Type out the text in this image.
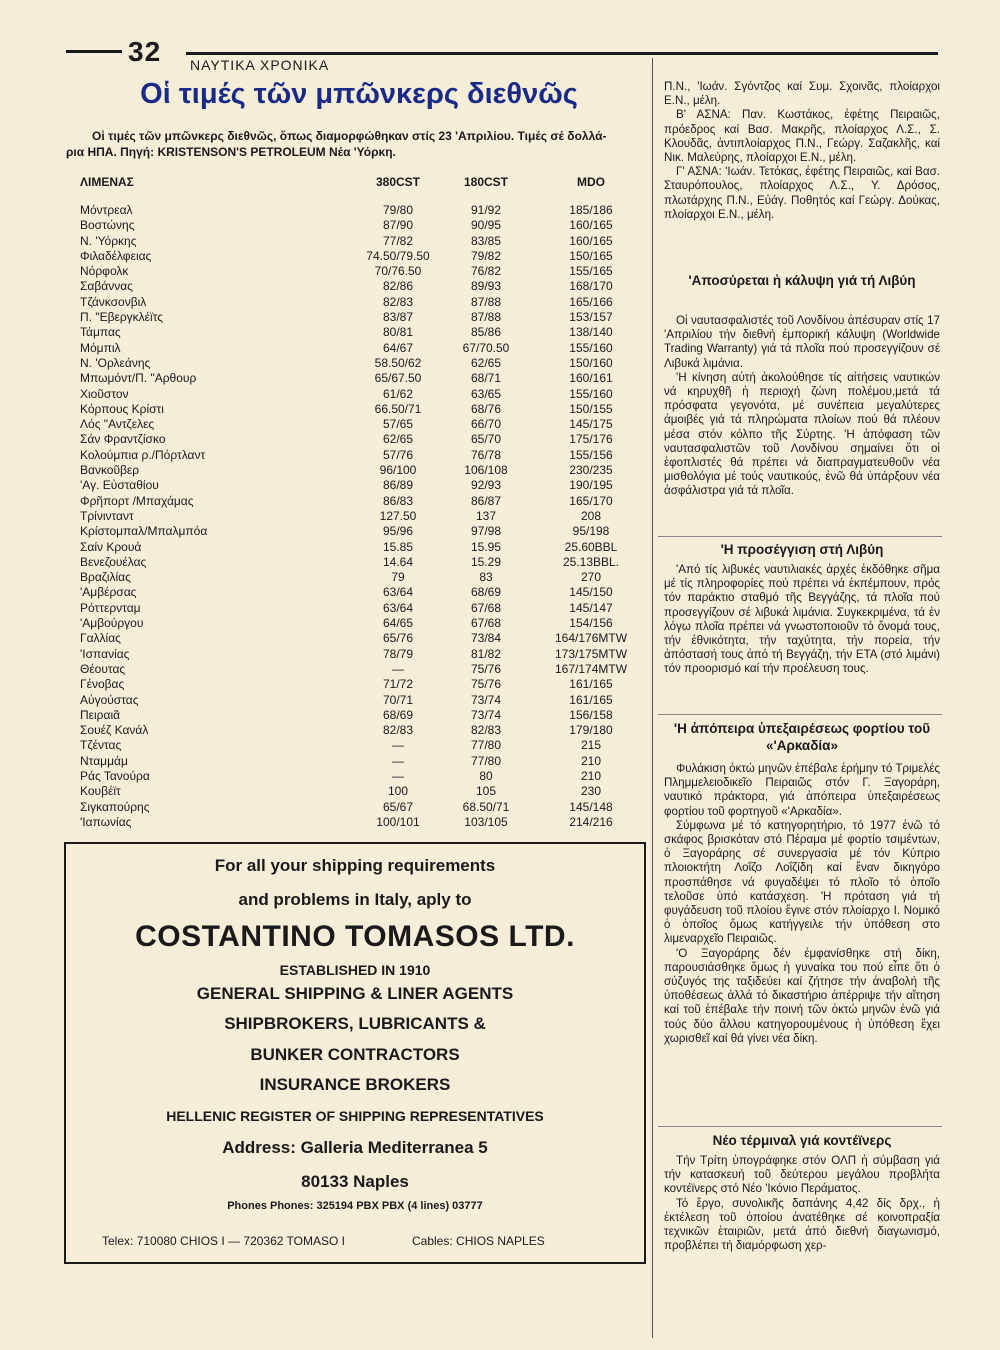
32 ΝΑΥΤΙΚΑ ΧΡΟΝΙΚΑ
Οἱ τιμές τῶν μπῶνκερς διεθνῶς
Οἱ τιμές τῶν μπῶνκερς διεθνῶς, ὅπως διαμορφώθηκαν στίς 23 'Απριλίου. Τιμές σέ δολλά-
ρια ΗΠΑ. Πηγή: KRISTENSON'S PETROLEUM Νέα 'Υόρκη.
ΛΙΜΕΝΑΣ	380CST	180CST	MDO
Μόντρεαλ	79/80	91/92	185/186
Βοστώνης	87/90	90/95	160/165
Ν. 'Υόρκης	77/82	83/85	160/165
Φιλαδέλφειας	74.50/79.50	79/82	150/165
Νόρφολκ	70/76.50	76/82	155/165
Σαβάννας	82/86	89/93	168/170
Τζάνκσονβιλ	82/83	87/88	165/166
Π. "Εβεργκλέϊτς	83/87	87/88	153/157
Τάμπας	80/81	85/86	138/140
Μόμπιλ	64/67	67/70.50	155/160
Ν. 'Ορλεάνης	58.50/62	62/65	150/160
Μπωμόντ/Π. "Αρθουρ	65/67.50	68/71	160/161
Χιοῦστον	61/62	63/65	155/160
Κόρπους Κρίστι	66.50/71	68/76	150/155
Λός "Αντζελες	57/65	66/70	145/175
Σάν Φραντζίσκο	62/65	65/70	175/176
Κολούμπια ρ./Πόρτλαντ	57/76	76/78	155/156
Βανκοῦβερ	96/100	106/108	230/235
'Αγ. Εὐσταθίου	86/89	92/93	190/195
Φρῆπορτ /Μπαχάμας	86/83	86/87	165/170
Τρίνινταντ	127.50	137	208
Κρίστομπαλ/Μπαλμπόα	95/96	97/98	95/198
Σαίν Κρουά	15.85	15.95	25.60BBL
Βενεζουέλας	14.64	15.29	25.13BBL.
Βραζιλίας	79	83	270
'Αμβέρσας	63/64	68/69	145/150
Ρόττερνταμ	63/64	67/68	145/147
'Αμβούργου	64/65	67/68	154/156
Γαλλίας	65/76	73/84	164/176MTW
'Ισπανίας	78/79	81/82	173/175MTW
Θέουτας	—	75/76	167/174MTW
Γένοβας	71/72	75/76	161/165
Αὐγούστας	70/71	73/74	161/165
Πειραιᾶ	68/69	73/74	156/158
Σουέζ Κανάλ	82/83	82/83	179/180
Τζέντας	—	77/80	215
Νταμμάμ	—	77/80	210
Ράς Τανούρα	—	80	210
Κουβέϊτ	100	105	230
Σιγκαπούρης	65/67	68.50/71	145/148
'Ιαπωνίας	100/101	103/105	214/216
For all your shipping requirements
and problems in Italy, aply to
COSTANTINO TOMASOS LTD.
ESTABLISHED IN 1910
GENERAL SHIPPING & LINER AGENTS
SHIPBROKERS, LUBRICANTS &
BUNKER CONTRACTORS
INSURANCE BROKERS
HELLENIC REGISTER OF SHIPPING REPRESENTATIVES
Address: Galleria Mediterranea 5
80133 Naples
Phones Phones: 325194 PBX PBX (4 lines) 03777
Telex: 710080 CHIOS I — 720362 TOMASO I	Cables: CHIOS NAPLES

Π.Ν., 'Ιωάν. Σγόντζος καί Συμ. Σχοινᾶς, πλοίαρχοι Ε.Ν., μέλη.

Β' ΑΣΝΑ: Παν. Κωστάκος, ἐφέτης Πειραιῶς, πρόεδρος καί Βασ. Μακρῆς, πλοίαρχος Λ.Σ., Σ. Κλουδᾶς, ἀντιπλοίαρχος Π.Ν., Γεώργ. Σαζακλῆς, καί Νικ. Μαλεύρης, πλοίαρχοι Ε.Ν., μέλη.

Γ' ΑΣΝΑ: 'Ιωάν. Τετόκας, ἐφέτης Πειραιῶς, καί Βασ. Σταυρόπουλος, πλοίαρχος Λ.Σ., Υ. Δρόσος, πλωτάρχης Π.Ν., Εὐάγ. Ποθητός καί Γεώργ. Δούκας, πλοίαρχοι Ε.Ν., μέλη.

'Αποσύρεται ἡ κάλυψη γιά τή Λιβύη

Οἱ ναυτασφαλιστές τοῦ Λονδίνου ἀπέσυραν στίς 17 'Απριλίου τήν διεθνή ἐμπορική κάλυψη (Worldwide Trading Warranty) γιά τά πλοῖα πού προσεγγίζουν σέ Λιβυκά λιμάνια.

'Η κίνηση αὐτή ἀκολούθησε τίς αἰτήσεις ναυτικών νά κηρυχθῆ ἡ περιοχή ζώνη πολέμου,μετά τά πρόσφατα γεγονότα, μέ συνέπεια μεγαλύτερες ἀμοιβές γιά τά πληρώματα πλοίων πού θά πλέουν μέσα στόν κόλπο τῆς Σύρτης. 'Η ἀπόφαση τῶν ναυτασφαλιστῶν τοῦ Λονδίνου σημαίνει ὅτι οἱ ἐφοπλιστές θά πρέπει νά διαπραγματευθοῦν νέα μισθολόγια μέ τούς ναυτικούς, ἐνῶ θά ὑπάρξουν νέα ἀσφάλιστρα γιά τά πλοῖα.

'Η προσέγγιση στή Λιβύη

'Από τίς λιβυκές ναυτιλιακές ἀρχές ἐκδόθηκε σῆμα μέ τίς πληροφορίες πού πρέπει νά ἐκπέμπουν, πρός τόν παράκτιο σταθμό τῆς Βεγγάζης, τά πλοῖα πού προσεγγίζουν σέ λιβυκά λιμάνια. Συγκεκριμένα, τά ἐν λόγω πλοῖα πρέπει νά γνωστοποιοῦν τό ὄνομά τους, τήν ἐθνικότητα, τήν ταχύτητα, τήν πορεία, τήν ἀπόστασή τους ἀπό τή Βεγγάζη, τήν ΕΤΑ (στό λιμάνι) τόν προορισμό καί τήν προέλευση τους.

'Η ἀπόπειρα ὑπεξαιρέσεως φορτίου τοῦ «'Αρκαδία»

Φυλάκιση ὀκτώ μηνῶν ἐπέβαλε ἐρήμην τό Τριμελές Πλημμελειοδικεῖο Πειραιῶς στόν Γ. Ξαγοράρη, ναυτικό πράκτορα, γιά ἀπόπειρα ὑπεξαιρέσεως φορτίου τοῦ φορτηγοῦ «'Αρκαδία».

Σύμφωνα μέ τό κατηγορητήριο, τό 1977 ἐνῶ τό σκάφος βρισκόταν στό Πέραμα μέ φορτίο τσιμέντων, ὁ Ξαγοράρης σέ συνεργασία μέ τόν Κύπριο πλοιοκτήτη Λοΐζο Λοΐζίδη καί ἕναν δικηγόρο προσπάθησε νά φυγαδέψει τό πλοῖο τό ὁποῖο τελοῦσε ὑπό κατάσχεση. 'Η πρόταση γιά τή φυγάδευση τοῦ πλοίου ἔγινε στόν πλοίαρχο Ι. Νομικό ὁ ὁποῖος ὅμως κατήγγειλε τήν ὑπόθεση στο λιμεναρχεῖο Πειραιῶς.

'Ο Ξαγοράρης δέν ἐμφανίσθηκε στή δίκη, παρουσιάσθηκε ὅμως ἡ γυναίκα του πού εἶπε ὅτι ὁ σύζυγός της ταξιδεύει καί ζήτησε τήν ἀναβολή τῆς ὑποθέσεως ἀλλά τό δικαστήριο ἀπέρριψε τήν αἴτηση καί τοῦ ἐπέβαλε τήν ποινή τῶν ὀκτώ μηνῶν ἐνῶ γιά τούς δύο ἄλλου κατηγορουμένους ἡ ὑπόθεση ἔχει χωρισθεῖ καί θά γίνει νέα δίκη.

Νέο τέρμιναλ γιά κοντέϊνερς

Τήν Τρίτη ὑπογράφηκε στόν ΟΛΠ ἡ σύμβαση γιά τήν κατασκευή τοῦ δεύτερου μεγάλου προβλήτα κοντέϊνερς στό Νέο 'Ικόνιο Περάματος.

Τό ἔργο, συνολικῆς δαπάνης 4,42 δίς δρχ., ἡ ἐκτέλεση τοῦ ὁποίου ἀνατέθηκε σέ κοινοπραξία τεχνικῶν ἑταιριῶν, μετά ἀπό διεθνή διαγωνισμό, προβλέπει τή διαμόρφωση χερ-
